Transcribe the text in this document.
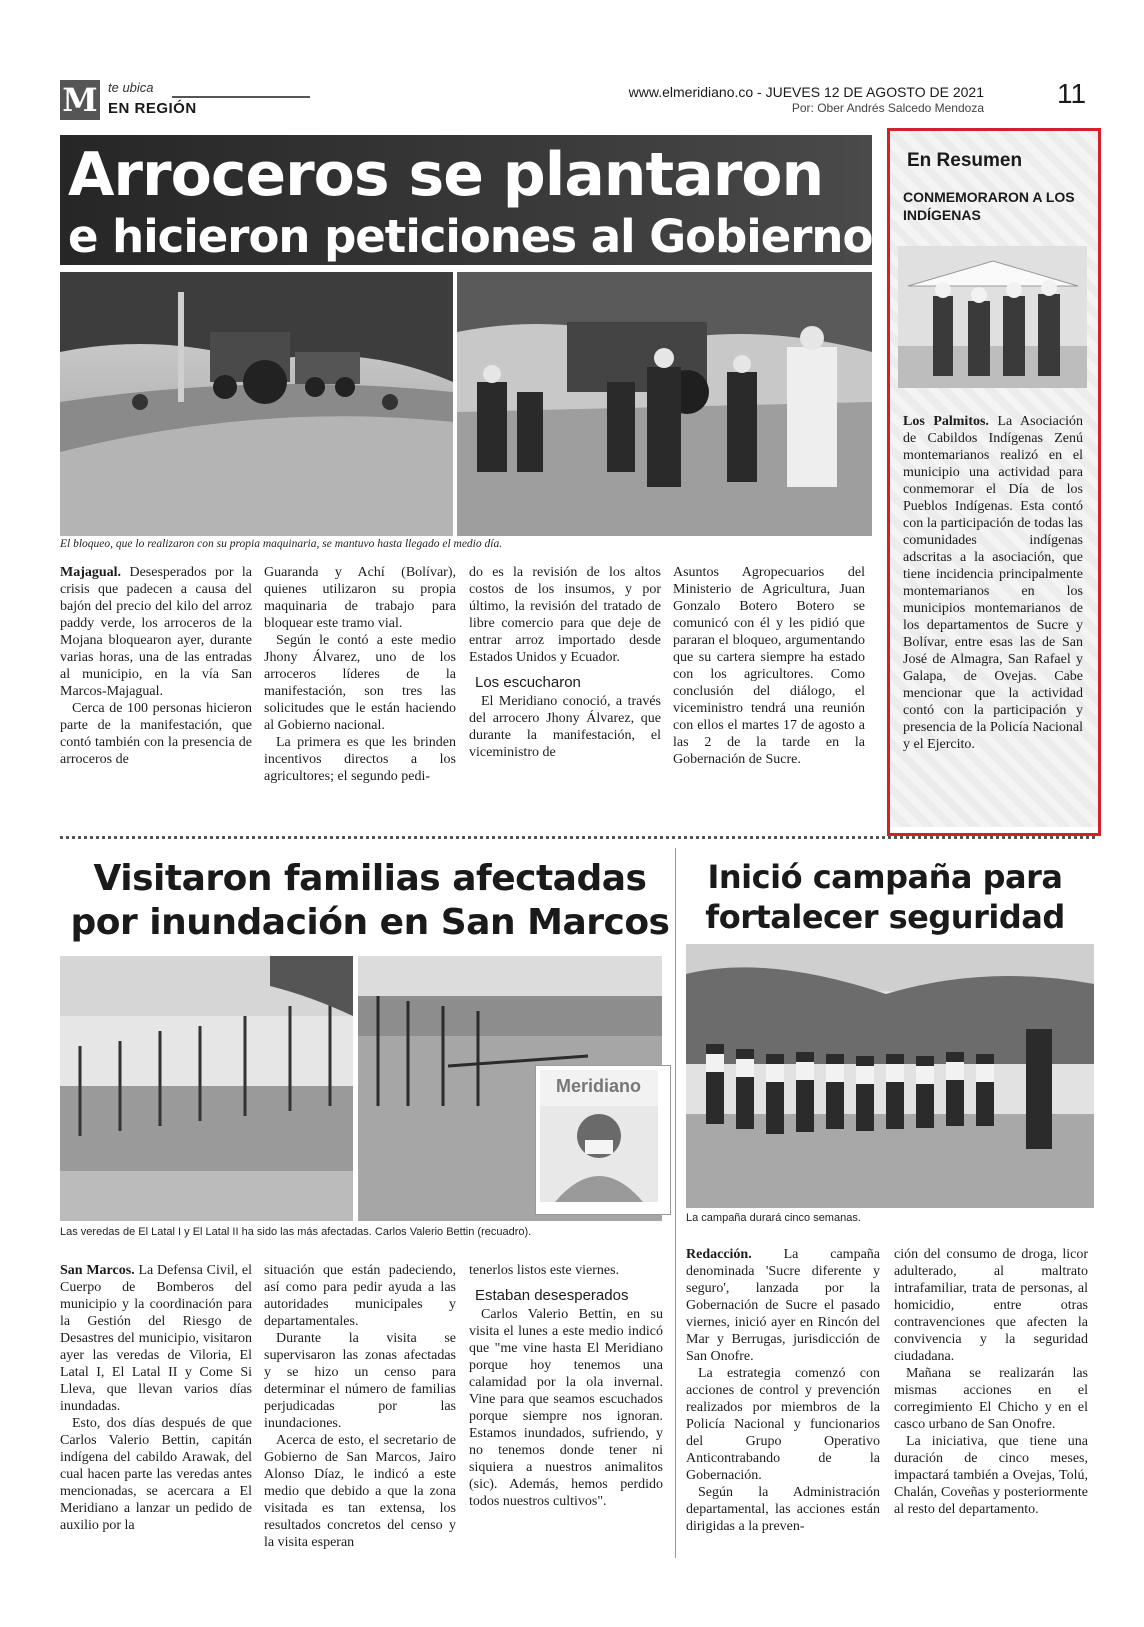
M te ubica
EN REGIÓN
www.elmeridiano.co - JUEVES 12 DE AGOSTO DE 2021
Por: Ober Andrés Salcedo Mendoza	11
Arroceros se plantaron
e hicieron peticiones al Gobierno
El bloqueo, que lo realizaron con su propia maquinaria, se mantuvo hasta llegado el medio día.

Majagual. Desesperados por la crisis que padecen a causa del bajón del precio del kilo del arroz paddy verde, los arroceros de la Mojana bloquearon ayer, durante varias horas, una de las entradas al municipio, en la vía San Marcos-Majagual.

Cerca de 100 personas hicieron parte de la manifestación, que contó también con la presencia de arroceros de

Guaranda y Achí (Bolívar), quienes utilizaron su propia maquinaria de trabajo para bloquear este tramo vial.

Según le contó a este medio Jhony Álvarez, uno de los arroceros líderes de la manifestación, son tres las solicitudes que le están haciendo al Gobierno nacional.

La primera es que les brinden incentivos directos a los agricultores; el segundo pedi-

do es la revisión de los altos costos de los insumos, y por último, la revisión del tratado de libre comercio para que deje de entrar arroz importado desde Estados Unidos y Ecuador.

Los escucharon

El Meridiano conoció, a través del arrocero Jhony Álvarez, que durante la manifestación, el viceministro de

Asuntos Agropecuarios del Ministerio de Agricultura, Juan Gonzalo Botero Botero se comunicó con él y les pidió que pararan el bloqueo, argumentando que su cartera siempre ha estado con los agricultores. Como conclusión del diálogo, el viceministro tendrá una reunión con ellos el martes 17 de agosto a las 2 de la tarde en la Gobernación de Sucre.

En Resumen
CONMEMORARON A LOS INDÍGENAS

Los Palmitos. La Asociación de Cabildos Indígenas Zenú montemarianos realizó en el municipio una actividad para conmemorar el Día de los Pueblos Indígenas. Esta contó con la participación de todas las comunidades indígenas adscritas a la asociación, que tiene incidencia principalmente montemarianos en los municipios montemarianos de los departamentos de Sucre y Bolívar, entre esas las de San José de Almagra, San Rafael y Galapa, de Ovejas. Cabe mencionar que la actividad contó con la participación y presencia de la Policía Nacional y el Ejercito.

Visitaron familias afectadas por inundación en San Marcos
Meridiano
Las veredas de El Latal I y El Latal II ha sido las más afectadas. Carlos Valerio Bettin (recuadro).

San Marcos. La Defensa Civil, el Cuerpo de Bomberos del municipio y la coordinación para la Gestión del Riesgo de Desastres del municipio, visitaron ayer las veredas de Viloria, El Latal I, El Latal II y Come Si Lleva, que llevan varios días inundadas.

Esto, dos días después de que Carlos Valerio Bettin, capitán indígena del cabildo Arawak, del cual hacen parte las veredas antes mencionadas, se acercara a El Meridiano a lanzar un pedido de auxilio por la

situación que están padeciendo, así como para pedir ayuda a las autoridades municipales y departamentales.

Durante la visita se supervisaron las zonas afectadas y se hizo un censo para determinar el número de familias perjudicadas por las inundaciones.

Acerca de esto, el secretario de Gobierno de San Marcos, Jairo Alonso Díaz, le indicó a este medio que debido a que la zona visitada es tan extensa, los resultados concretos del censo y la visita esperan

tenerlos listos este viernes.

Estaban desesperados

Carlos Valerio Bettin, en su visita el lunes a este medio indicó que "me vine hasta El Meridiano porque hoy tenemos una calamidad por la ola invernal. Vine para que seamos escuchados porque siempre nos ignoran. Estamos inundados, sufriendo, y no tenemos donde tener ni siquiera a nuestros animalitos (sic). Además, hemos perdido todos nuestros cultivos".

Inició campaña para fortalecer seguridad
La campaña durará cinco semanas.

Redacción. La campaña denominada 'Sucre diferente y seguro', lanzada por la Gobernación de Sucre el pasado viernes, inició ayer en Rincón del Mar y Berrugas, jurisdicción de San Onofre.

La estrategia comenzó con acciones de control y prevención realizados por miembros de la Policía Nacional y funcionarios del Grupo Operativo Anticontrabando de la Gobernación.

Según la Administración departamental, las acciones están dirigidas a la preven-

ción del consumo de droga, licor adulterado, al maltrato intrafamiliar, trata de personas, al homicidio, entre otras contravenciones que afecten la convivencia y la seguridad ciudadana.

Mañana se realizarán las mismas acciones en el corregimiento El Chicho y en el casco urbano de San Onofre.

La iniciativa, que tiene una duración de cinco meses, impactará también a Ovejas, Tolú, Chalán, Coveñas y posteriormente al resto del departamento.
